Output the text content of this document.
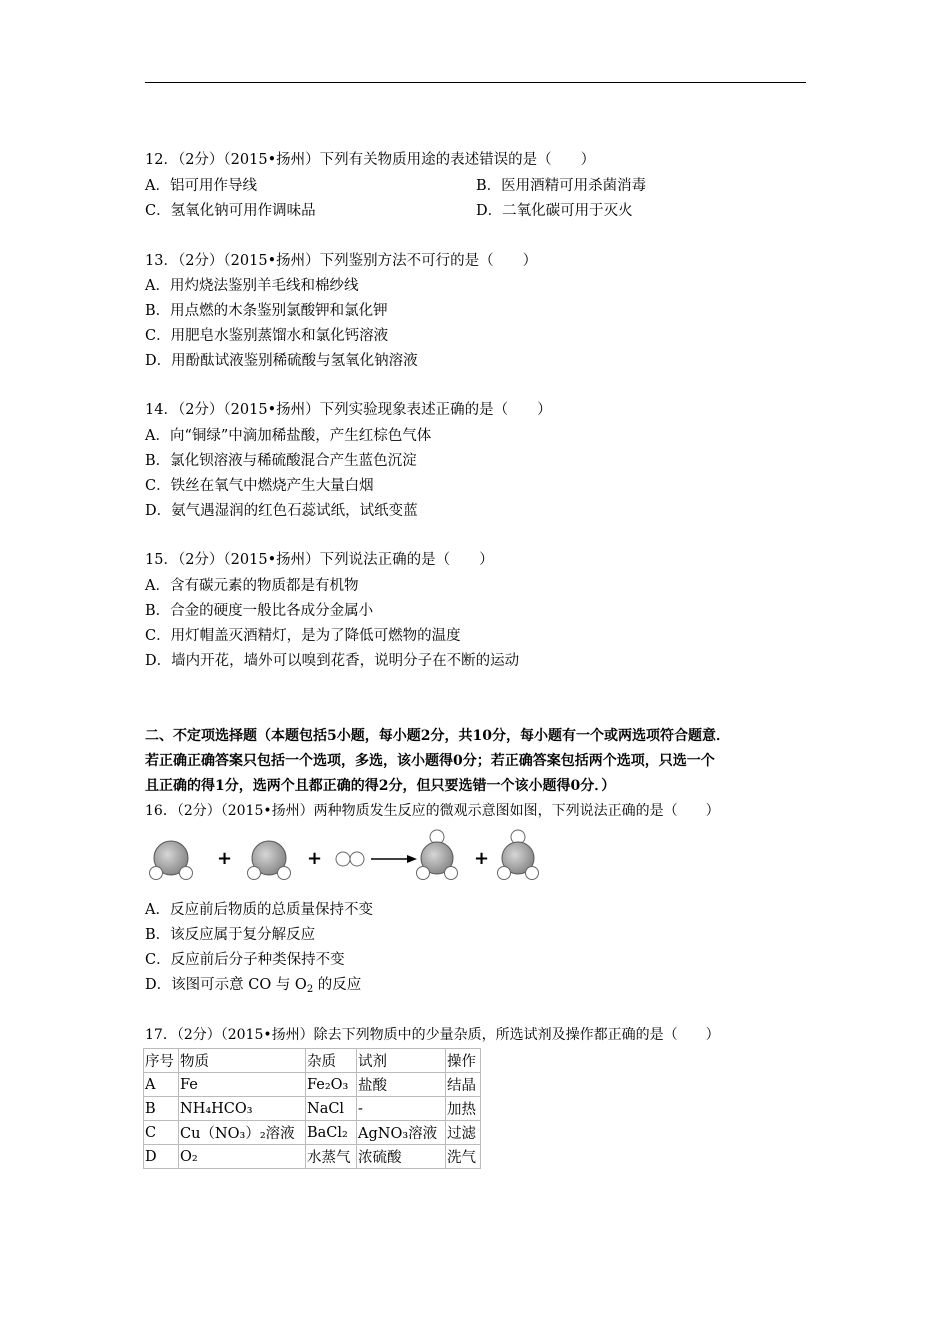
12．（2分）（2015•扬州）下列有关物质用途的表述错误的是（　　）
A．铝可用作导线	B．医用酒精可用杀菌消毒
C．氢氧化钠可用作调味品	D．二氧化碳可用于灭火
13．（2分）（2015•扬州）下列鉴别方法不可行的是（　　）
A．用灼烧法鉴别羊毛线和棉纱线
B．用点燃的木条鉴别氯酸钾和氯化钾
C．用肥皂水鉴别蒸馏水和氯化钙溶液
D．用酚酞试液鉴别稀硫酸与氢氧化钠溶液
14．（2分）（2015•扬州）下列实验现象表述正确的是（　　）
A．向“铜绿”中滴加稀盐酸，产生红棕色气体
B．氯化钡溶液与稀硫酸混合产生蓝色沉淀
C．铁丝在氧气中燃烧产生大量白烟
D．氨气遇湿润的红色石蕊试纸，试纸变蓝
15．（2分）（2015•扬州）下列说法正确的是（　　）
A．含有碳元素的物质都是有机物
B．合金的硬度一般比各成分金属小
C．用灯帽盖灭酒精灯，是为了降低可燃物的温度
D．墙内开花，墙外可以嗅到花香，说明分子在不断的运动
二、不定项选择题（本题包括5小题，每小题2分，共10分，每小题有一个或两选项符合题意．
若正确正确答案只包括一个选项，多选，该小题得0分；若正确答案包括两个选项，只选一个
且正确的得1分，选两个且都正确的得2分，但只要选错一个该小题得0分．）
16．（2分）（2015•扬州）两种物质发生反应的微观示意图如图，下列说法正确的是（　　）
+	+	+
A．反应前后物质的总质量保持不变
B．该反应属于复分解反应
C．反应前后分子种类保持不变
D．该图可示意 CO 与 $O_2$ 的反应
17．（2分）（2015•扬州）除去下列物质中的少量杂质，所选试剂及操作都正确的是（　　）
序号	物质	杂质	试剂	操作
A	Fe	Fe₂O₃	盐酸	结晶
B	NH₄HCO₃	NaCl	-	加热
C	Cu（NO₃）₂溶液	BaCl₂	AgNO₃溶液	过滤
D	O₂	水蒸气	浓硫酸	洗气
